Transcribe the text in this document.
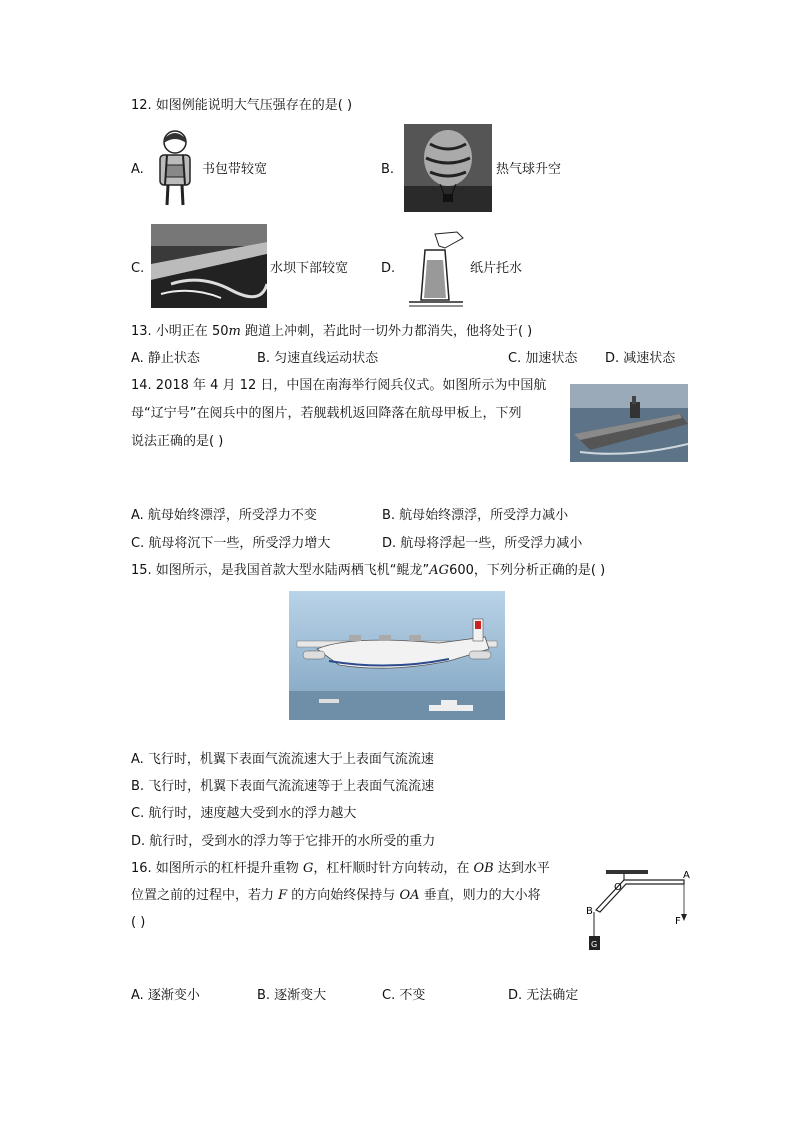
12. 如图例能说明大气压强存在的是( )
A.	书包带较宽	B.	热气球升空
C.	水坝下部较宽	D.	纸片托水
13. 小明正在 50m 跑道上冲刺，若此时一切外力都消失，他将处于( )
A. 静止状态	B. 匀速直线运动状态	C. 加速状态 D. 减速状态
14. 2018 年 4 月 12 日，中国在南海举行阅兵仪式。如图所示为中国航
母“辽宁号”在阅兵中的图片，若舰载机返回降落在航母甲板上，下列
说法正确的是( )
A. 航母始终漂浮，所受浮力不变	B. 航母始终漂浮，所受浮力减小
C. 航母将沉下一些，所受浮力增大	D. 航母将浮起一些，所受浮力减小
15. 如图所示，是我国首款大型水陆两栖飞机“鲲龙”AG600，下列分析正确的是( )
A. 飞行时，机翼下表面气流流速大于上表面气流流速
B. 飞行时，机翼下表面气流流速等于上表面气流流速
C. 航行时，速度越大受到水的浮力越大
D. 航行时，受到水的浮力等于它排开的水所受的重力
16. 如图所示的杠杆提升重物 G，杠杆顺时针方向转动，在 OB 达到水平
位置之前的过程中，若力 F 的方向始终保持与 OA 垂直，则力的大小将
( )
O
A
B
F
G
A. 逐渐变小	B. 逐渐变大	C. 不变	D. 无法确定
